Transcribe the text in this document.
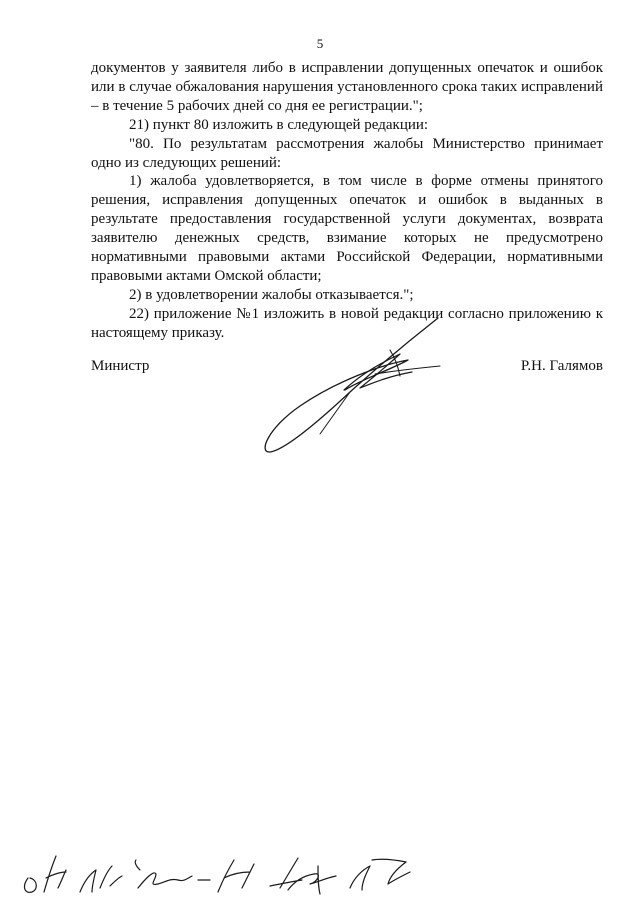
5

документов у заявителя либо в исправлении допущенных опечаток и ошибок или в случае обжалования нарушения установленного срока таких исправлений – в течение 5 рабочих дней со дня ее регистрации.";

21) пункт 80 изложить в следующей редакции:

"80. По результатам рассмотрения жалобы Министерство принимает одно из следующих решений:

1) жалоба удовлетворяется, в том числе в форме отмены принятого решения, исправления допущенных опечаток и ошибок в выданных в результате предоставления государственной услуги документах, возврата заявителю денежных средств, взимание которых не предусмотрено нормативными правовыми актами Российской Федерации, нормативными правовыми актами Омской области;

2) в удовлетворении жалобы отказывается.";

22) приложение №1 изложить в новой редакции согласно приложению к настоящему приказу.

Министр	Р.Н. Галямов
